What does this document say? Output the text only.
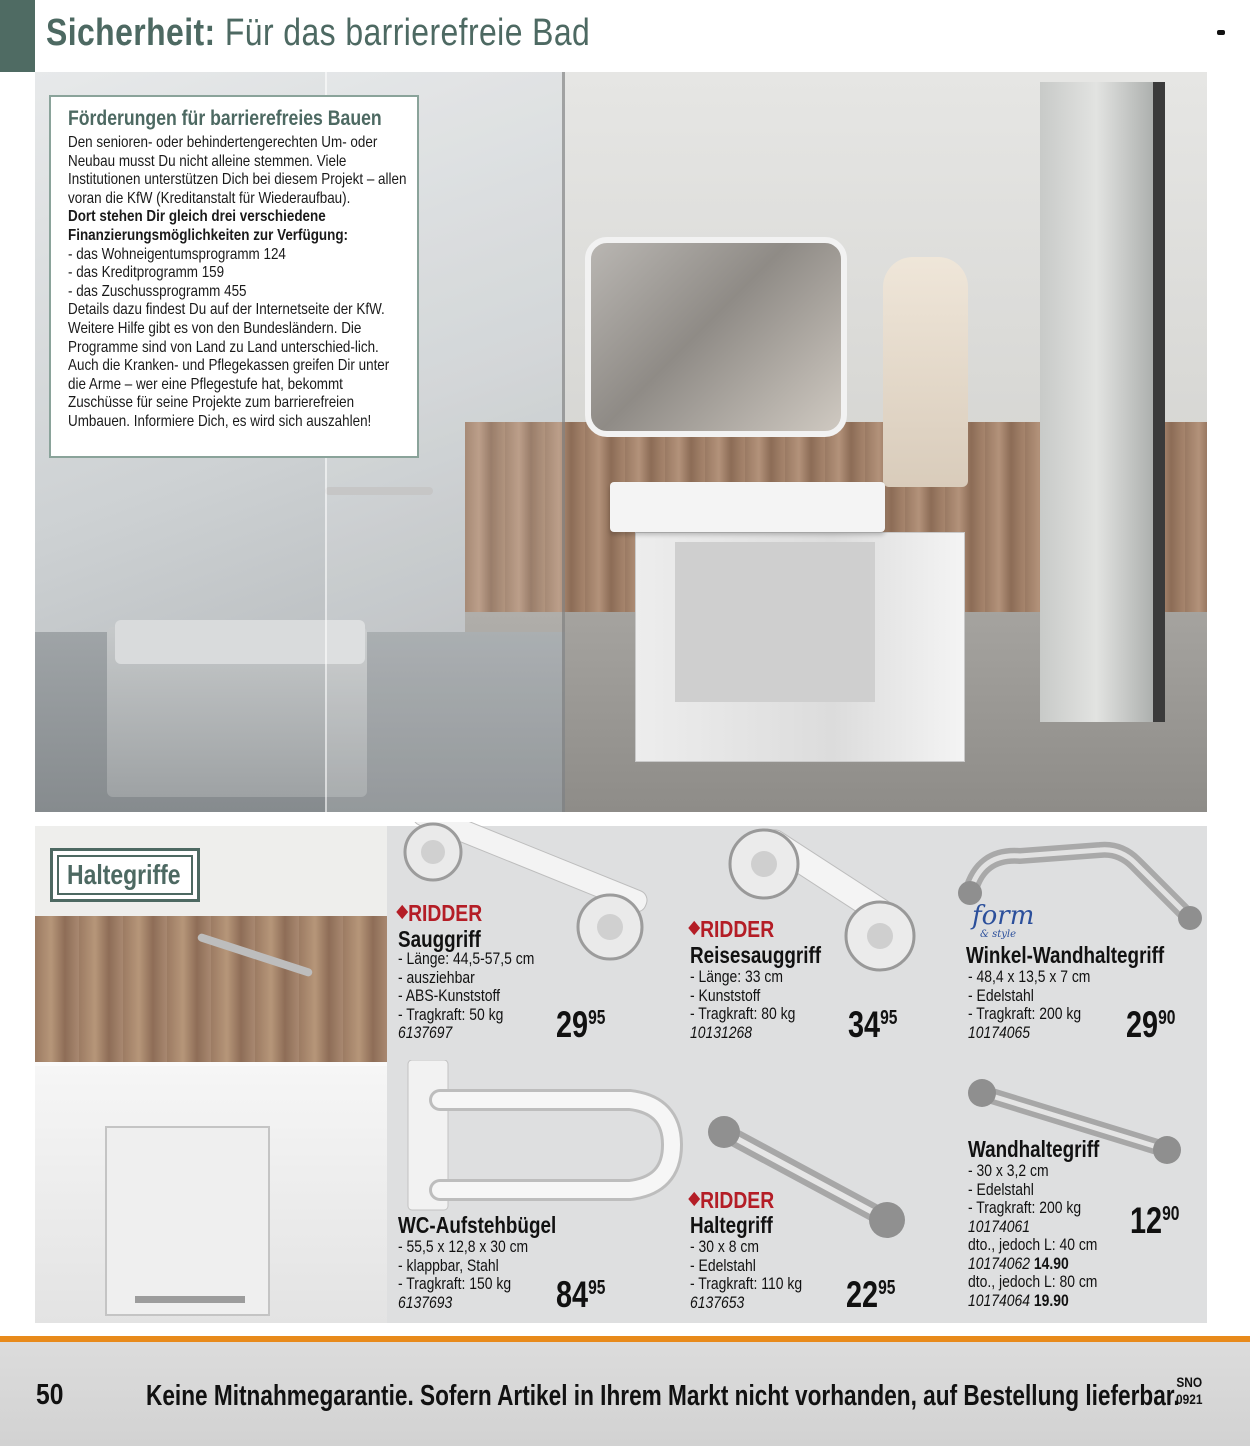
Sicherheit: Für das barrierefreie Bad
Förderungen für barrierefreies Bauen
Den senioren- oder behindertengerechten Um- oder Neubau musst Du nicht alleine stemmen. Viele Institutionen unterstützen Dich bei diesem Projekt – allen voran die KfW (Kreditanstalt für Wiederaufbau).
Dort stehen Dir gleich drei verschiedene Finanzierungsmöglichkeiten zur Verfügung:
- das Wohneigentumsprogramm 124
- das Kreditprogramm 159
- das Zuschussprogramm 455
Details dazu findest Du auf der Internetseite der KfW. Weitere Hilfe gibt es von den Bundesländern. Die Programme sind von Land zu Land unterschied-lich. Auch die Kranken- und Pflegekassen greifen Dir unter die Arme – wer eine Pflegestufe hat, bekommt Zuschüsse für seine Projekte zum barrierefreien Umbauen. Informiere Dich, es wird sich auszahlen!
Haltegriffe
RIDDER
RIDDER
RIDDER
form
& style
Sauggriff
- Länge: 44,5-57,5 cm
- ausziehbar
- ABS-Kunststoff
- Tragkraft: 50 kg
6137697	2995
Reisesauggriff
- Länge: 33 cm
- Kunststoff
- Tragkraft: 80 kg
10131268	3495
Winkel-Wandhaltegriff
- 48,4 x 13,5 x 7 cm
- Edelstahl
- Tragkraft: 200 kg
10174065	2990
WC-Aufstehbügel
- 55,5 x 12,8 x 30 cm
- klappbar, Stahl
- Tragkraft: 150 kg
6137693	8495
Haltegriff
- 30 x 8 cm
- Edelstahl
- Tragkraft: 110 kg
6137653	2295
Wandhaltegriff
- 30 x 3,2 cm
- Edelstahl
- Tragkraft: 200 kg
10174061
dto., jedoch L: 40 cm
10174062 14.90
dto., jedoch L: 80 cm
10174064 19.90
1290
50	Keine Mitnahmegarantie. Sofern Artikel in Ihrem Markt nicht vorhanden, auf Bestellung lieferbar.
SNO
0921
